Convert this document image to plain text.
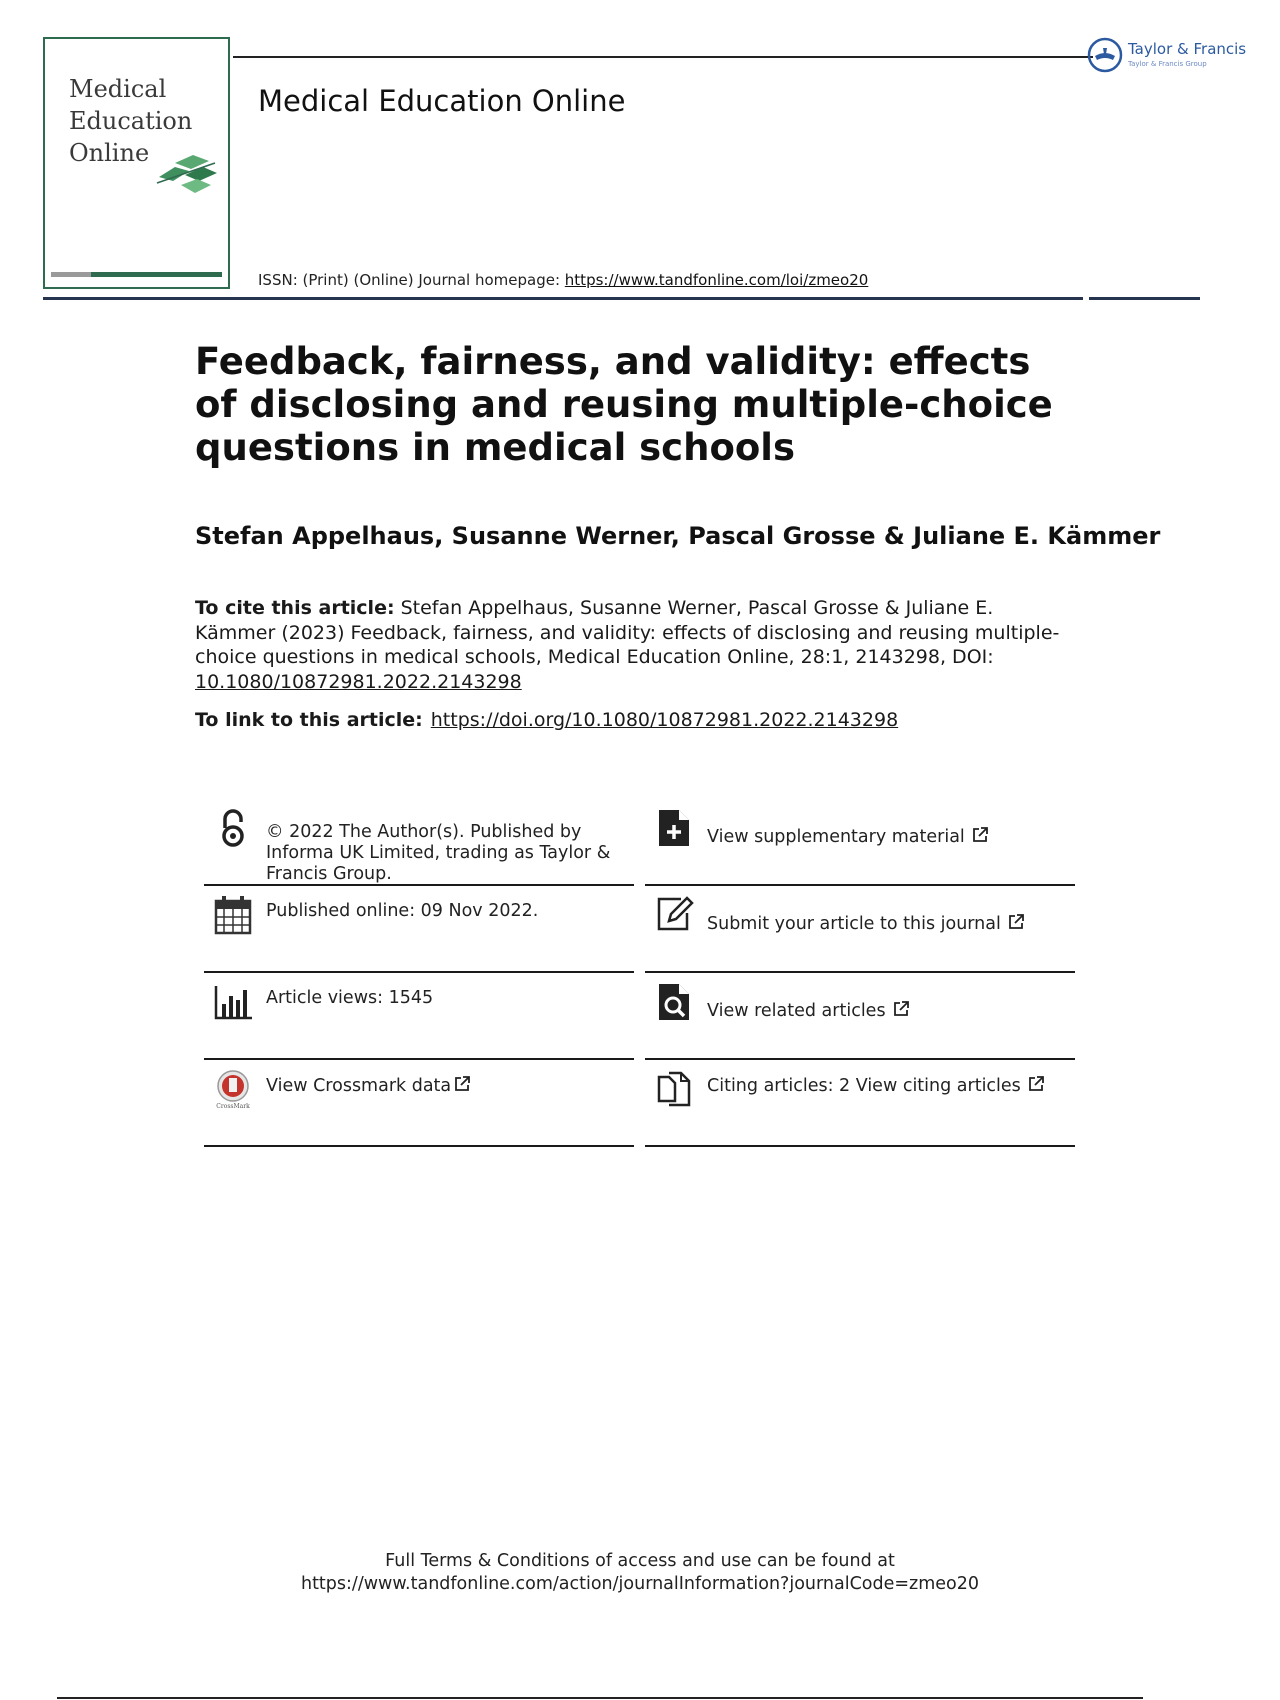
Medical Education Online
Medical Education Online
ISSN: (Print) (Online) Journal homepage: https://www.tandfonline.com/loi/zmeo20
Taylor & Francis
Taylor & Francis Group
Feedback, fairness, and validity: effects of disclosing and reusing multiple-choice questions in medical schools
Stefan Appelhaus, Susanne Werner, Pascal Grosse & Juliane E. Kämmer
To cite this article: Stefan Appelhaus, Susanne Werner, Pascal Grosse & Juliane E. Kämmer (2023) Feedback, fairness, and validity: effects of disclosing and reusing multiple-choice questions in medical schools, Medical Education Online, 28:1, 2143298, DOI: 10.1080/10872981.2022.2143298
To link to this article: https://doi.org/10.1080/10872981.2022.2143298
© 2022 The Author(s). Published by Informa UK Limited, trading as Taylor & Francis Group.
Published online: 09 Nov 2022.
Article views: 1545
CrossMark
View Crossmark data
View supplementary material
Submit your article to this journal
View related articles
Citing articles: 2 View citing articles
Full Terms & Conditions of access and use can be found at
https://www.tandfonline.com/action/journalInformation?journalCode=zmeo20
